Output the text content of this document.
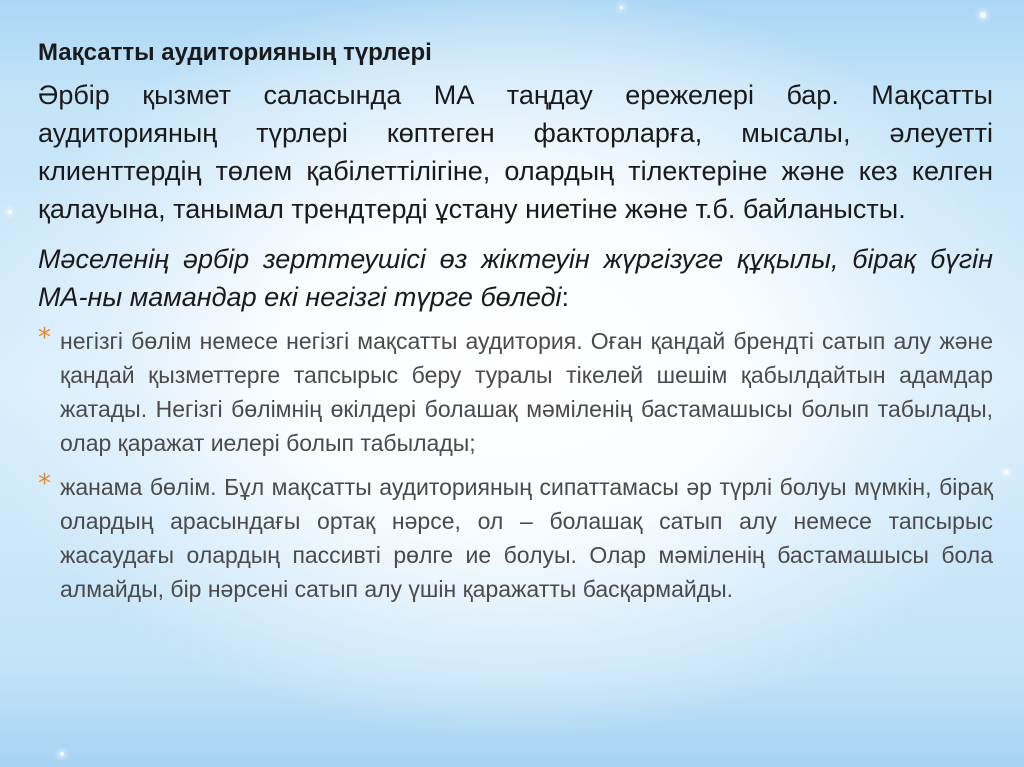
Мақсатты аудиторияның түрлері

Әрбір қызмет саласында МА таңдау ережелері бар. Мақсатты аудиторияның түрлері көптеген факторларға, мысалы, әлеуетті клиенттердің төлем қабілеттілігіне, олардың тілектеріне және кез келген қалауына, танымал трендтерді ұстану ниетіне және т.б. байланысты.

Мәселенің әрбір зерттеушісі өз жіктеуін жүргізуге құқылы, бірақ бүгін МА-ны мамандар екі негізгі түрге бөледі:

* негізгі бөлім немесе негізгі мақсатты аудитория. Оған қандай брендті сатып алу және қандай қызметтерге тапсырыс беру туралы тікелей шешім қабылдайтын адамдар жатады. Негізгі бөлімнің өкілдері болашақ мәміленің бастамашысы болып табылады, олар қаражат иелері болып табылады;
* жанама бөлім. Бұл мақсатты аудиторияның сипаттамасы әр түрлі болуы мүмкін, бірақ олардың арасындағы ортақ нәрсе, ол – болашақ сатып алу немесе тапсырыс жасаудағы олардың пассивті рөлге ие болуы. Олар мәміленің бастамашысы бола алмайды, бір нәрсені сатып алу үшін қаражатты басқармайды.
